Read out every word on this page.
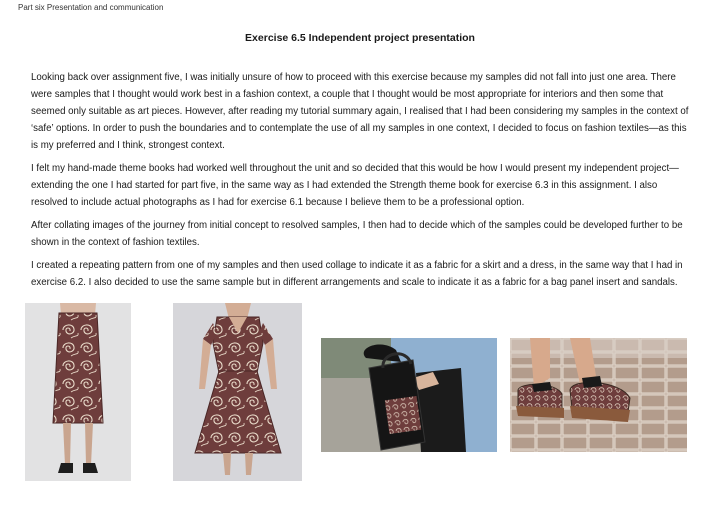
Part six Presentation and communication
Exercise 6.5 Independent project presentation

Looking back over assignment five, I was initially unsure of how to proceed with this exercise because my samples did not fall into just one area. There were samples that I thought would work best in a fashion context, a couple that I thought would be most appropriate for interiors and then some that seemed only suitable as art pieces. However, after reading my tutorial summary again, I realised that I had been considering my samples in the context of ‘safe’ options. In order to push the boundaries and to contemplate the use of all my samples in one context, I decided to focus on fashion textiles—as this is my preferred and I think, strongest context.

I felt my hand-made theme books had worked well throughout the unit and so decided that this would be how I would present my independent project—extending the one I had started for part five, in the same way as I had extended the Strength theme book for exercise 6.3 in this assignment. I also resolved to include actual photographs as I had for exercise 6.1 because I believe them to be a professional option.

After collating images of the journey from initial concept to resolved samples, I then had to decide which of the samples could be developed further to be shown in the context of fashion textiles.

I created a repeating pattern from one of my samples and then used collage to indicate it as a fabric for a skirt and a dress, in the same way that I had in exercise 6.2. I also decided to use the same sample but in different arrangements and scale to indicate it as a fabric for a bag panel insert and sandals.
